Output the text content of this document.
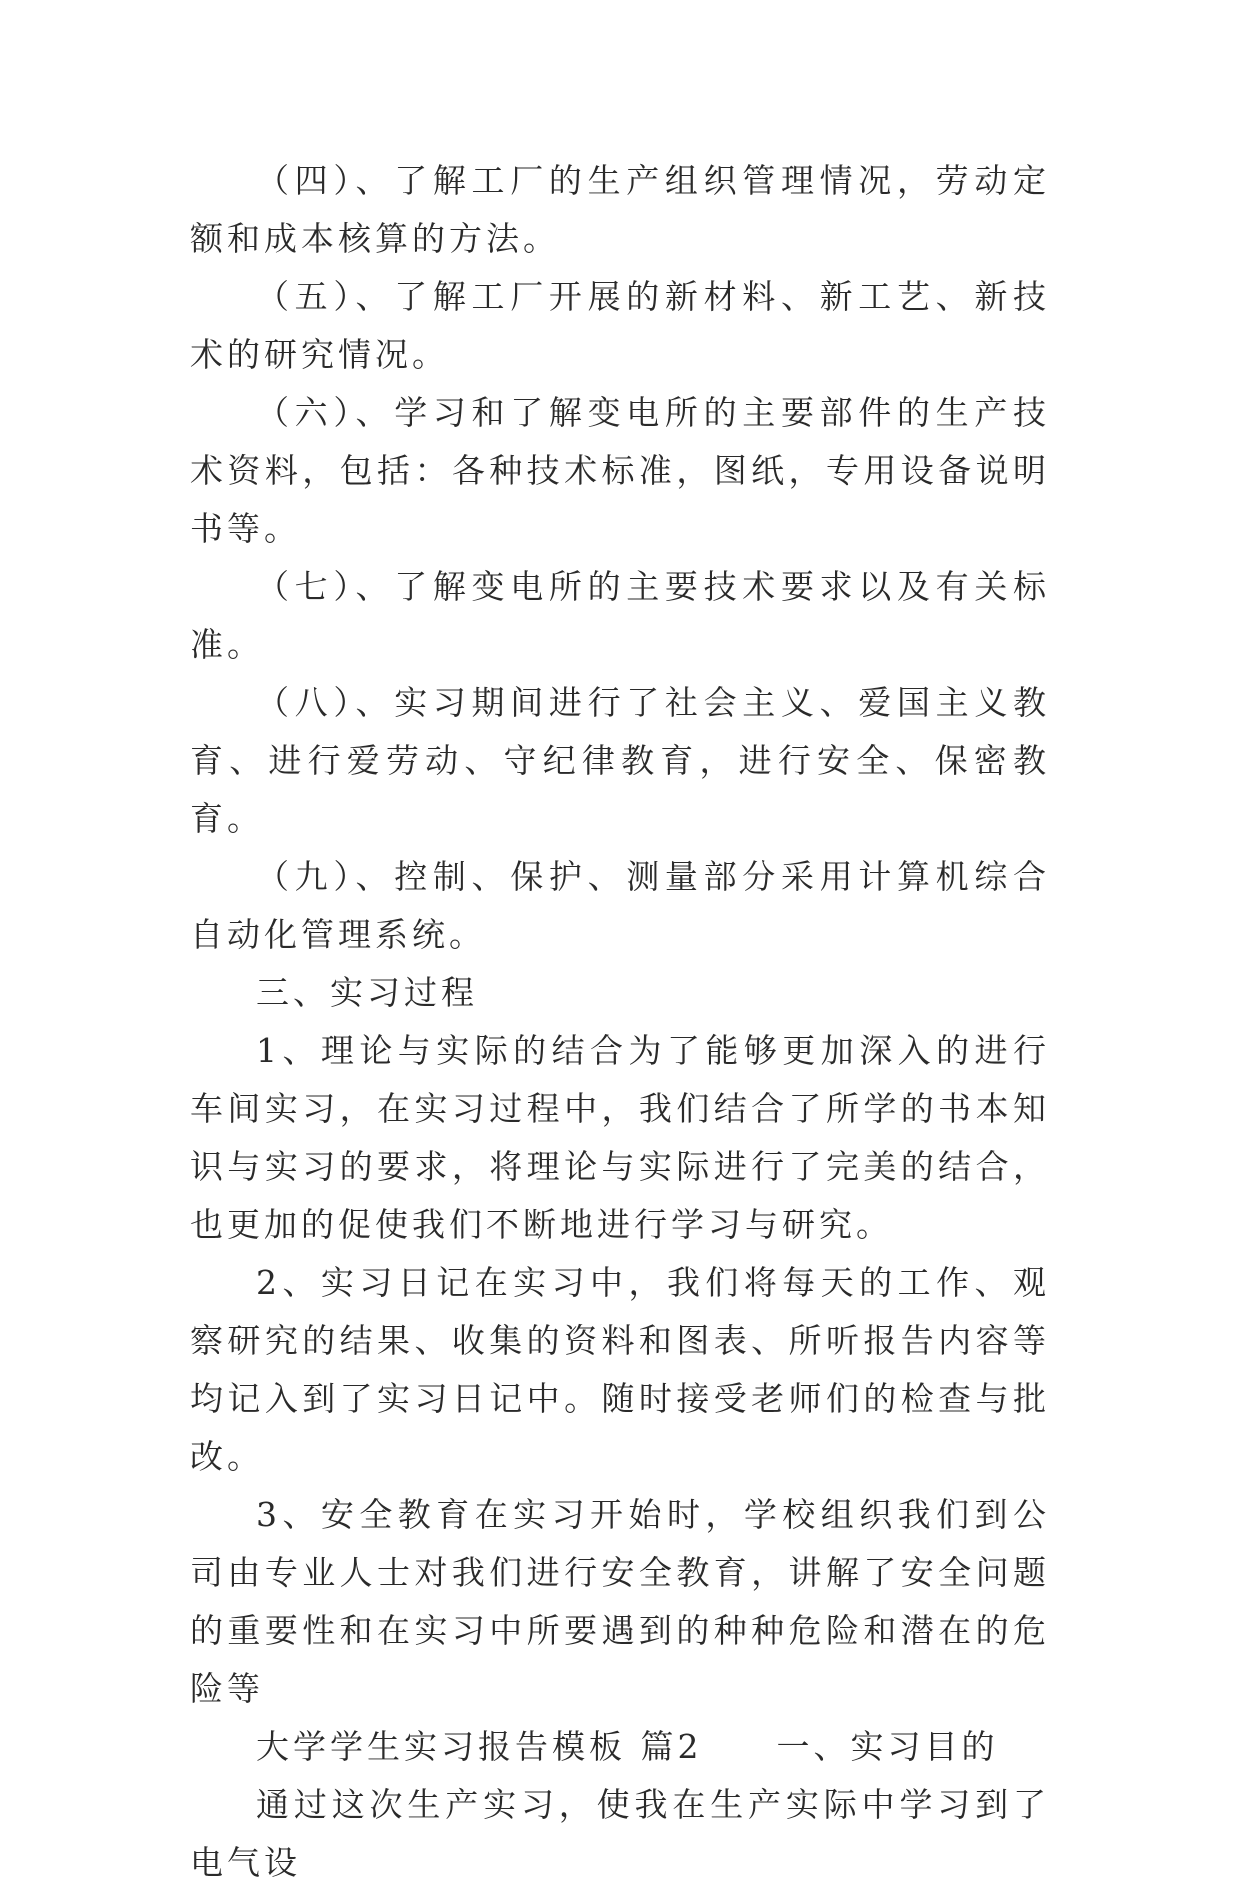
（四）、了解工厂的生产组织管理情况，劳动定额和成本核算的方法。

（五）、了解工厂开展的新材料、新工艺、新技术的研究情况。

（六）、学习和了解变电所的主要部件的生产技术资料，包括：各种技术标准，图纸，专用设备说明书等。

（七）、了解变电所的主要技术要求以及有关标准。

（八）、实习期间进行了社会主义、爱国主义教育、进行爱劳动、守纪律教育，进行安全、保密教育。

（九）、控制、保护、测量部分采用计算机综合自动化管理系统。

三、实习过程

1、理论与实际的结合为了能够更加深入的进行车间实习，在实习过程中，我们结合了所学的书本知识与实习的要求，将理论与实际进行了完美的结合，也更加的促使我们不断地进行学习与研究。

2、实习日记在实习中，我们将每天的工作、观察研究的结果、收集的资料和图表、所听报告内容等均记入到了实习日记中。随时接受老师们的检查与批改。

3、安全教育在实习开始时，学校组织我们到公司由专业人士对我们进行安全教育，讲解了安全问题的重要性和在实习中所要遇到的种种危险和潜在的危险等

大学学生实习报告模板 篇2　　一、实习目的

通过这次生产实习，使我在生产实际中学习到了电气设
